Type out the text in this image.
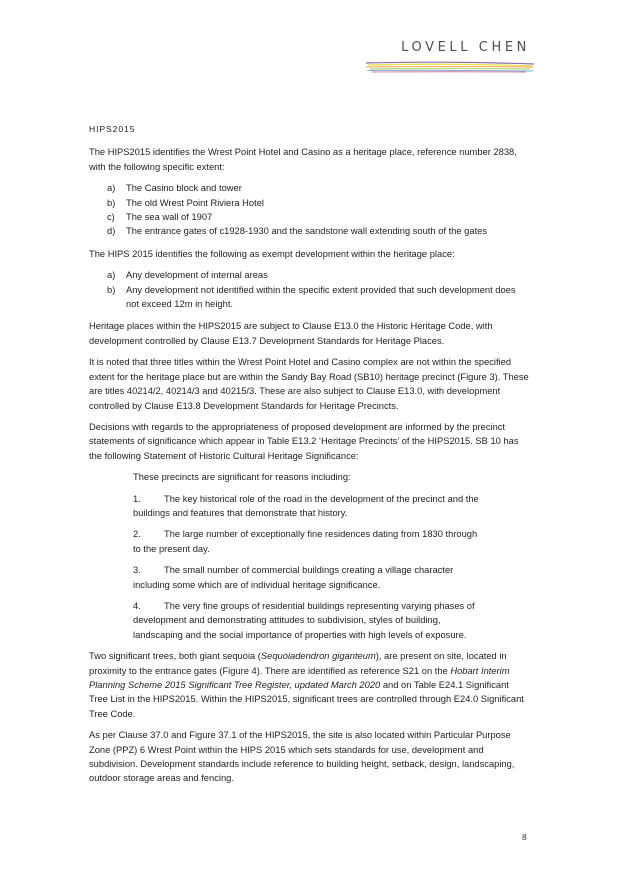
LOVELL CHEN
HIPS2015

The HIPS2015 identifies the Wrest Point Hotel and Casino as a heritage place, reference number 2838, with the following specific extent:

a) The Casino block and tower
b) The old Wrest Point Riviera Hotel
c) The sea wall of 1907
d) The entrance gates of c1928-1930 and the sandstone wall extending south of the gates

The HIPS 2015 identifies the following as exempt development within the heritage place:

a) Any development of internal areas
b) Any development not identified within the specific extent provided that such development does not exceed 12m in height.

Heritage places within the HIPS2015 are subject to Clause E13.0 the Historic Heritage Code, with development controlled by Clause E13.7 Development Standards for Heritage Places.

It is noted that three titles within the Wrest Point Hotel and Casino complex are not within the specified extent for the heritage place but are within the Sandy Bay Road (SB10) heritage precinct (Figure 3). These are titles 40214/2, 40214/3 and 40215/3. These are also subject to Clause E13.0, with development controlled by Clause E13.8 Development Standards for Heritage Precincts.

Decisions with regards to the appropriateness of proposed development are informed by the precinct statements of significance which appear in Table E13.2 ‘Heritage Precincts’ of the HIPS2015. SB 10 has the following Statement of Historic Cultural Heritage Significance:

These precincts are significant for reasons including:
1. The key historical role of the road in the development of the precinct and the buildings and features that demonstrate that history.
2. The large number of exceptionally fine residences dating from 1830 through to the present day.
3. The small number of commercial buildings creating a village character including some which are of individual heritage significance.
4. The very fine groups of residential buildings representing varying phases of development and demonstrating attitudes to subdivision, styles of building, landscaping and the social importance of properties with high levels of exposure.

Two significant trees, both giant sequoia (Sequoiadendron giganteum), are present on site, located in proximity to the entrance gates (Figure 4). There are identified as reference S21 on the Hobart Interim Planning Scheme 2015 Significant Tree Register, updated March 2020 and on Table E24.1 Significant Tree List in the HIPS2015. Within the HIPS2015, significant trees are controlled through E24.0 Significant Tree Code.

As per Clause 37.0 and Figure 37.1 of the HIPS2015, the site is also located within Particular Purpose Zone (PPZ) 6 Wrest Point within the HIPS 2015 which sets standards for use, development and subdivision. Development standards include reference to building height, setback, design, landscaping, outdoor storage areas and fencing.

8
